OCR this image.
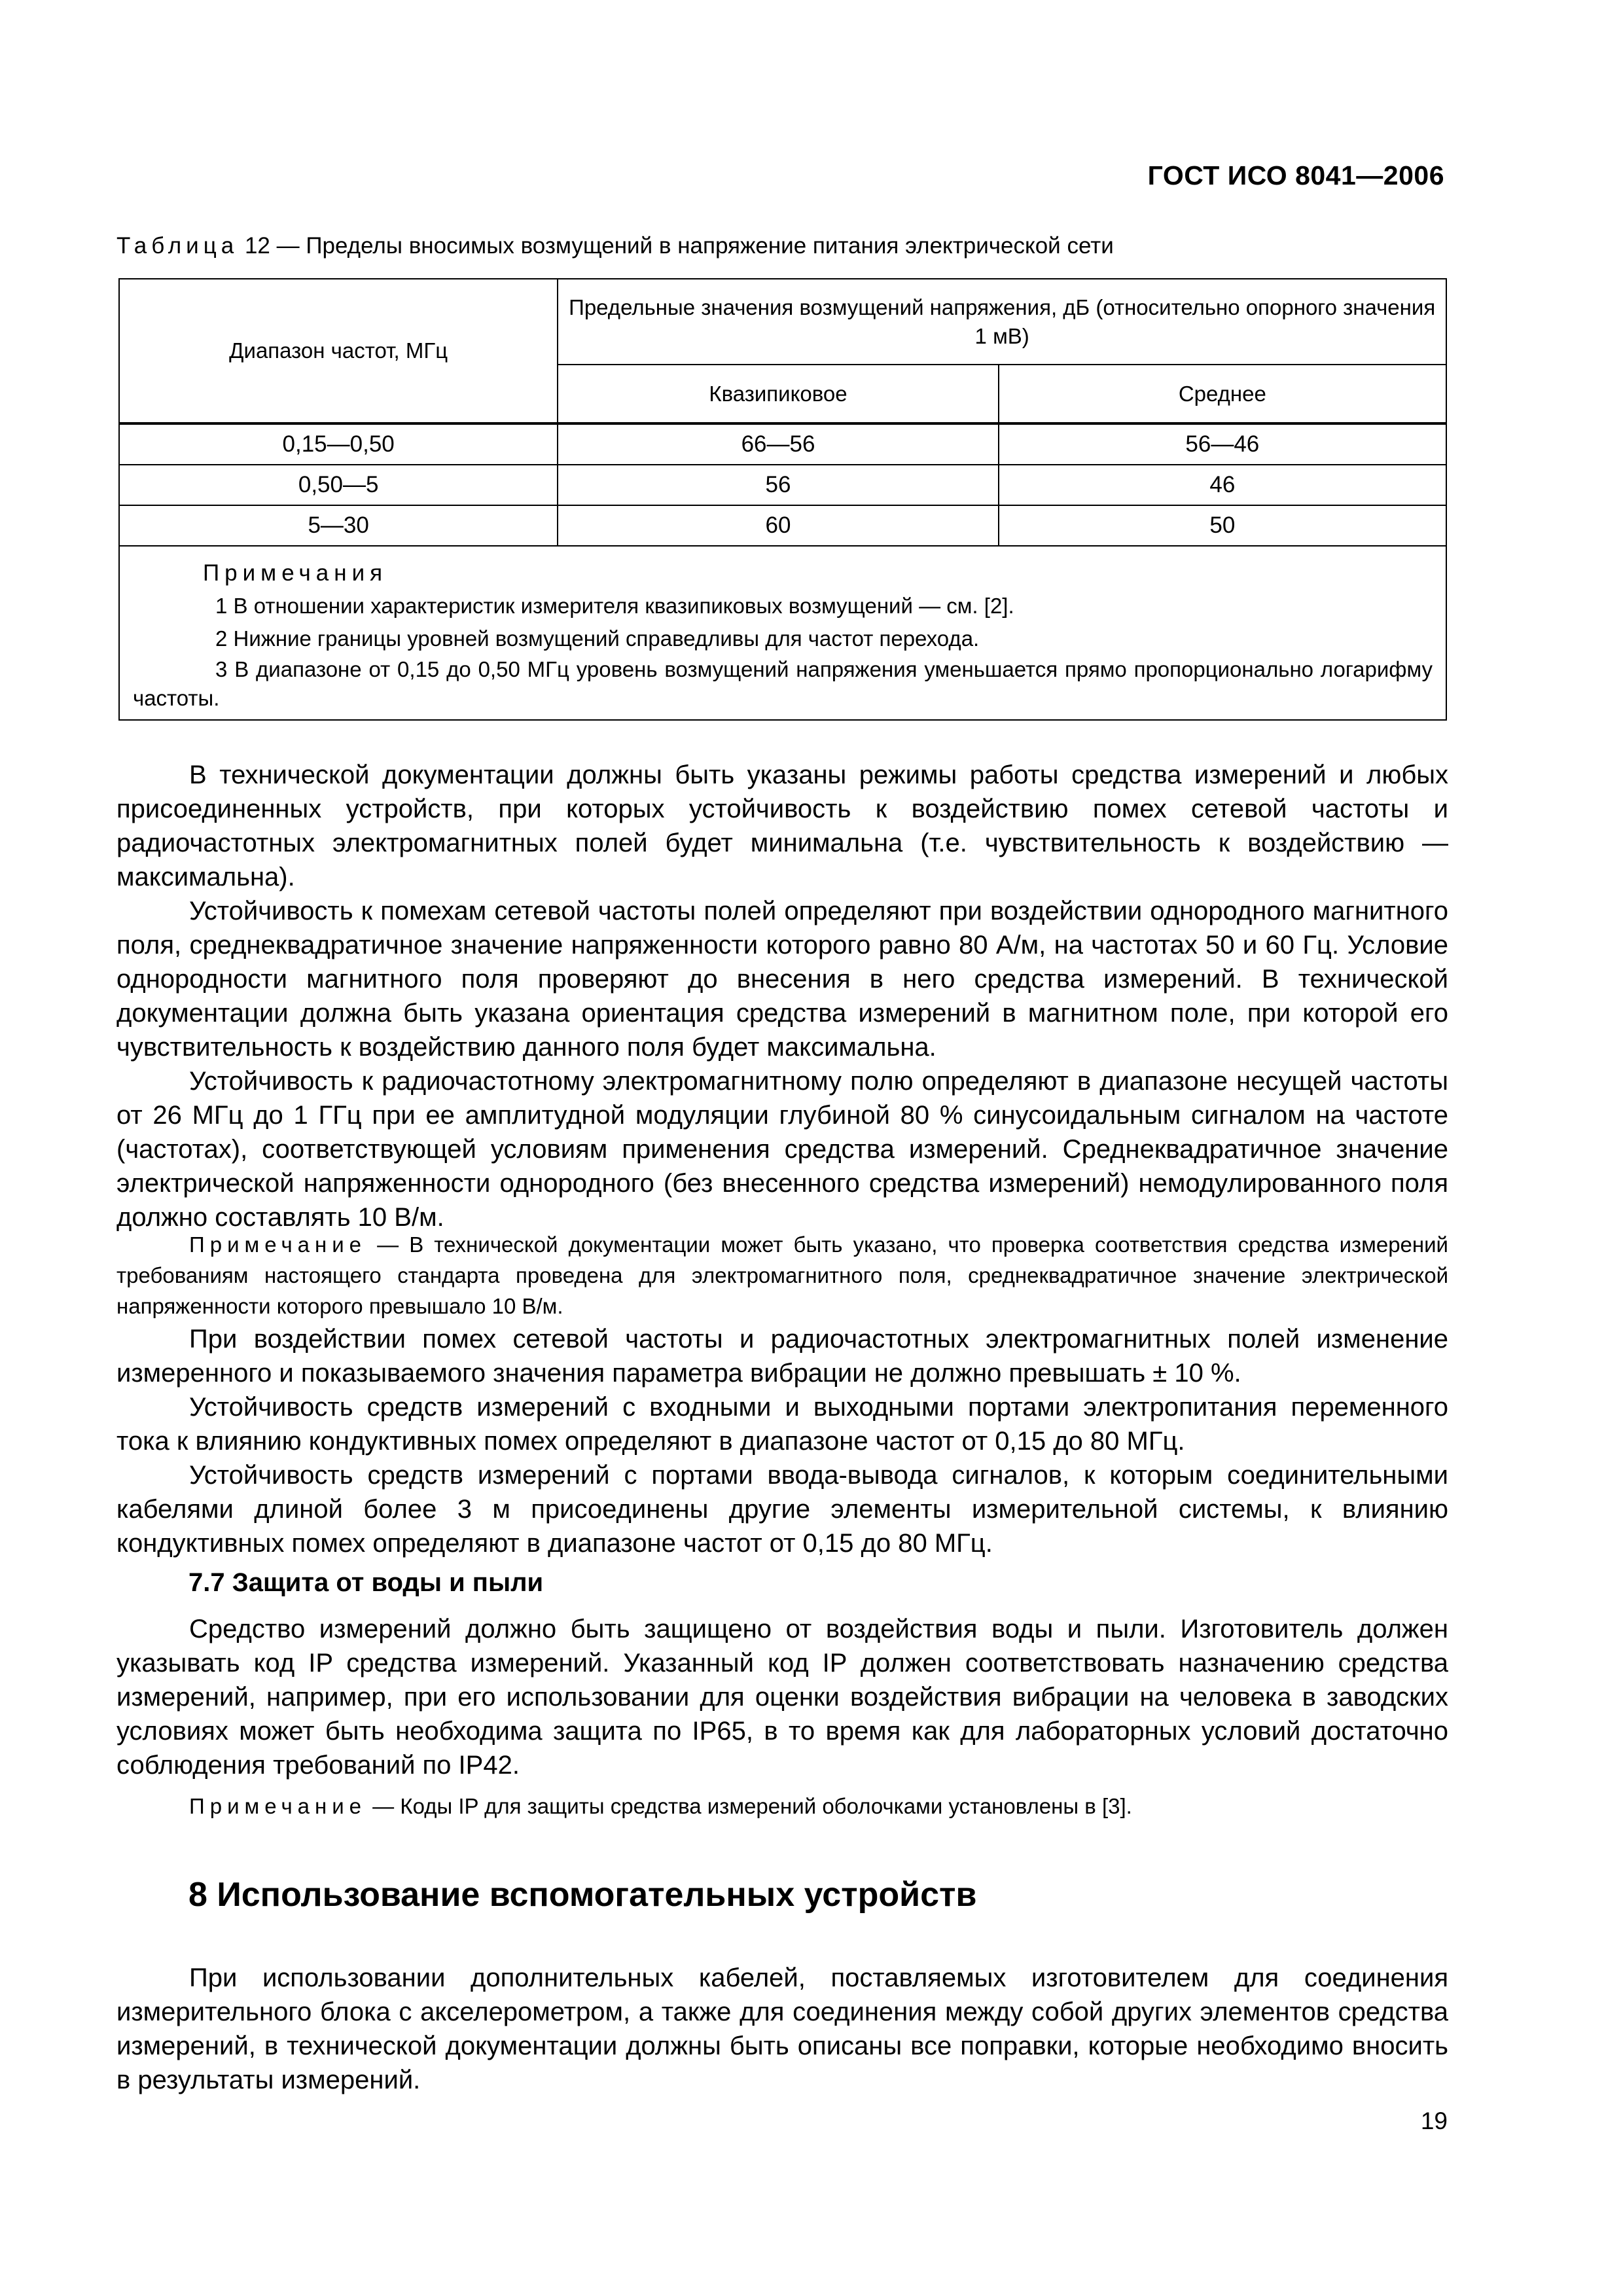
ГОСТ ИСО 8041—2006
Таблица 12 — Пределы вносимых возмущений в напряжение питания электрической сети
Диапазон частот, МГц	Предельные значения возмущений напряжения, дБ (относительно опорного значения 1 мВ)	
	Квазипиковое	Среднее
0,15—0,50	66—56	56—46
0,50—5	56	46
5—30	60	50

Примечания
1 В отношении характеристик измерителя квазипиковых возмущений — см. [2].
2 Нижние границы уровней возмущений справедливы для частот перехода.
3 В диапазоне от 0,15 до 0,50 МГц уровень возмущений напряжения уменьшается прямо пропорционально логарифму частоты.		

В технической документации должны быть указаны режимы работы средства измерений и любых присоединенных устройств, при которых устойчивость к воздействию помех сетевой частоты и радиочастотных электромагнитных полей будет минимальна (т.е. чувствительность к воздействию — максимальна).

Устойчивость к помехам сетевой частоты полей определяют при воздействии однородного магнитного поля, среднеквадратичное значение напряженности которого равно 80 А/м, на частотах 50 и 60 Гц. Условие однородности магнитного поля проверяют до внесения в него средства измерений. В технической документации должна быть указана ориентация средства измерений в магнитном поле, при которой его чувствительность к воздействию данного поля будет максимальна.

Устойчивость к радиочастотному электромагнитному полю определяют в диапазоне несущей частоты от 26 МГц до 1 ГГц при ее амплитудной модуляции глубиной 80 % синусоидальным сигналом на частоте (частотах), соответствующей условиям применения средства измерений. Среднеквадратичное значение электрической напряженности однородного (без внесенного средства измерений) немодулированного поля должно составлять 10 В/м.

Примечание — В технической документации может быть указано, что проверка соответствия средства измерений требованиям настоящего стандарта проведена для электромагнитного поля, среднеквадратичное значение электрической напряженности которого превышало 10 В/м.

При воздействии помех сетевой частоты и радиочастотных электромагнитных полей изменение измеренного и показываемого значения параметра вибрации не должно превышать ± 10 %.

Устойчивость средств измерений с входными и выходными портами электропитания переменного тока к влиянию кондуктивных помех определяют в диапазоне частот от 0,15 до 80 МГц.

Устойчивость средств измерений с портами ввода-вывода сигналов, к которым соединительными кабелями длиной более 3 м присоединены другие элементы измерительной системы, к влиянию кондуктивных помех определяют в диапазоне частот от 0,15 до 80 МГц.

7.7 Защита от воды и пыли

Средство измерений должно быть защищено от воздействия воды и пыли. Изготовитель должен указывать код IP средства измерений. Указанный код IP должен соответствовать назначению средства измерений, например, при его использовании для оценки воздействия вибрации на человека в заводских условиях может быть необходима защита по IP65, в то время как для лабораторных условий достаточно соблюдения требований по IP42.

Примечание — Коды IP для защиты средства измерений оболочками установлены в [3].

8 Использование вспомогательных устройств

При использовании дополнительных кабелей, поставляемых изготовителем для соединения измерительного блока с акселерометром, а также для соединения между собой других элементов средства измерений, в технической документации должны быть описаны все поправки, которые необходимо вносить в результаты измерений.

19
